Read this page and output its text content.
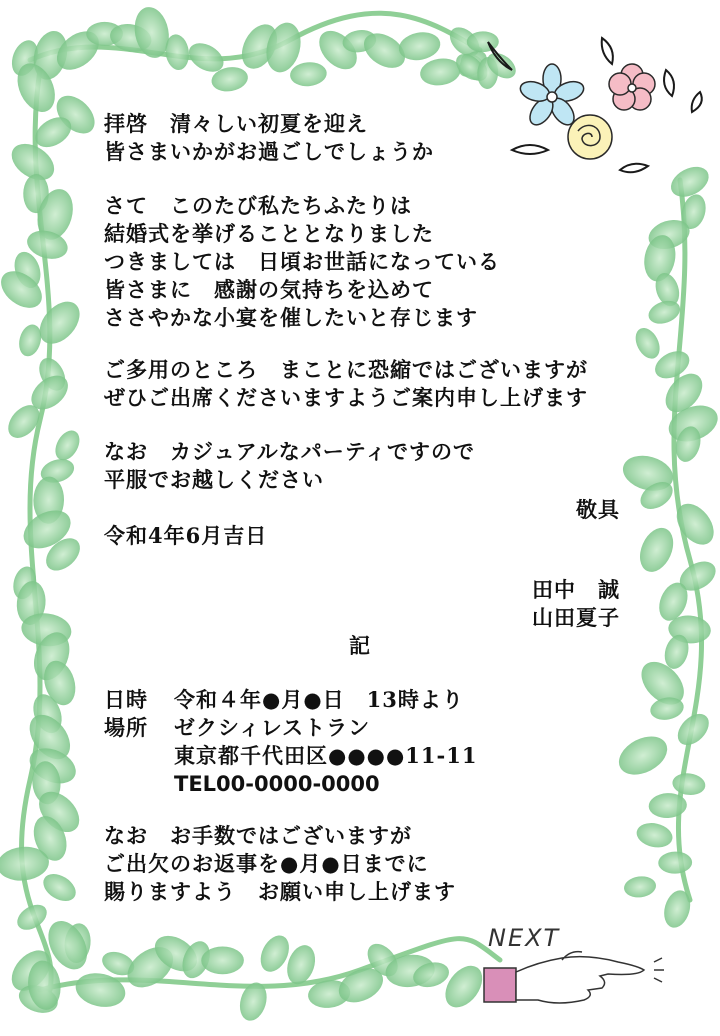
拝啓　清々しい初夏を迎え

皆さまいかがお過ごしでしょうか

さて　このたび私たちふたりは

結婚式を挙げることとなりました

つきましては　日頃お世話になっている

皆さまに　感謝の気持ちを込めて

ささやかな小宴を催したいと存じます

ご多用のところ　まことに恐縮ではございますが

ぜひご出席くださいますようご案内申し上げます

なお　カジュアルなパーティですので

平服でお越しください

敬具

令和4年6月吉日

田中　誠

山田夏子

記

日時 令和４年●月●日　13時より
場所 ゼクシィレストラン
東京都千代田区●●●●11-11
TEL00-0000-0000

なお　お手数ではございますが

ご出欠のお返事を●月●日までに

賜りますよう　お願い申し上げます

NEXT
